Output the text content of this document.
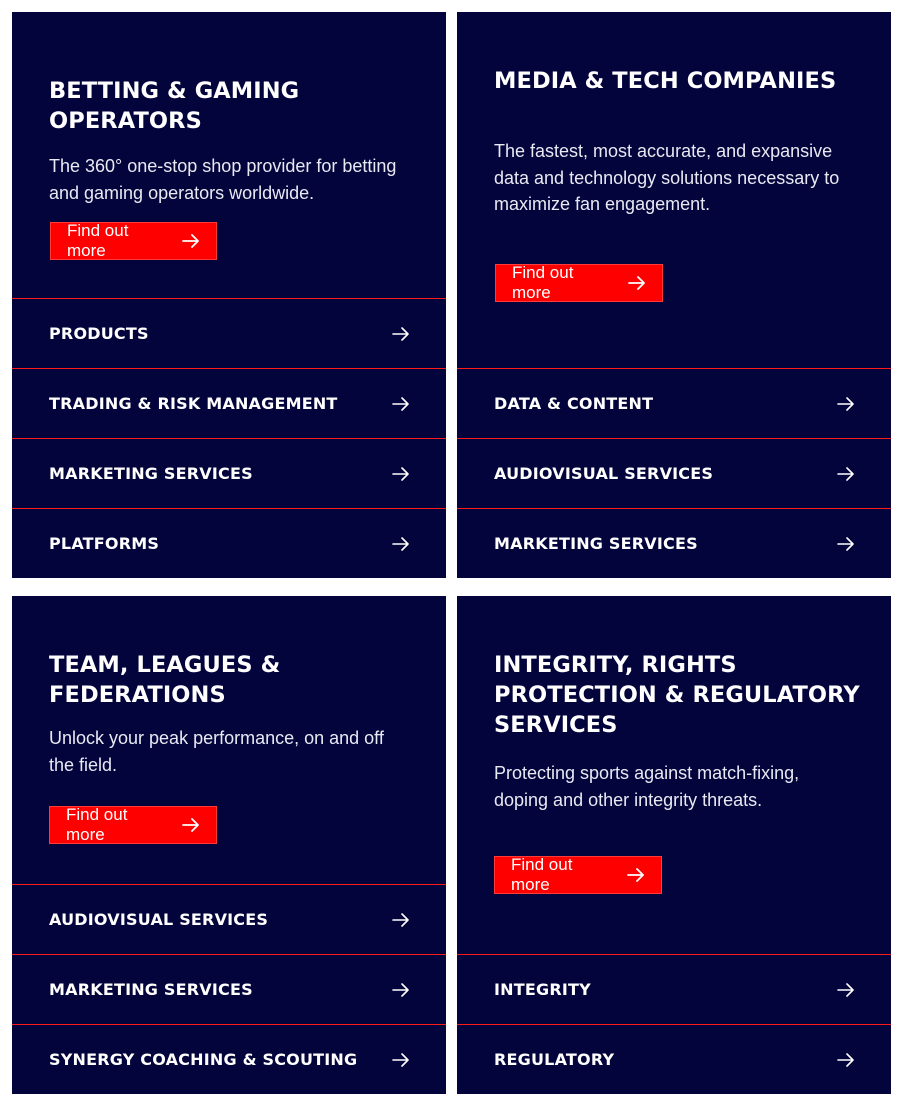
BETTING & GAMING
OPERATORS

The 360° one-stop shop provider for betting
and gaming operators worldwide.

Find out more
PRODUCTS
TRADING & RISK MANAGEMENT
MARKETING SERVICES
PLATFORMS
MEDIA & TECH COMPANIES

The fastest, most accurate, and expansive
data and technology solutions necessary to
maximize fan engagement.

Find out more
DATA & CONTENT
AUDIOVISUAL SERVICES
MARKETING SERVICES
TEAM, LEAGUES &
FEDERATIONS

Unlock your peak performance, on and off
the field.

Find out more
AUDIOVISUAL SERVICES
MARKETING SERVICES
SYNERGY COACHING & SCOUTING
INTEGRITY, RIGHTS
PROTECTION & REGULATORY
SERVICES

Protecting sports against match-fixing,
doping and other integrity threats.

Find out more
INTEGRITY
REGULATORY
